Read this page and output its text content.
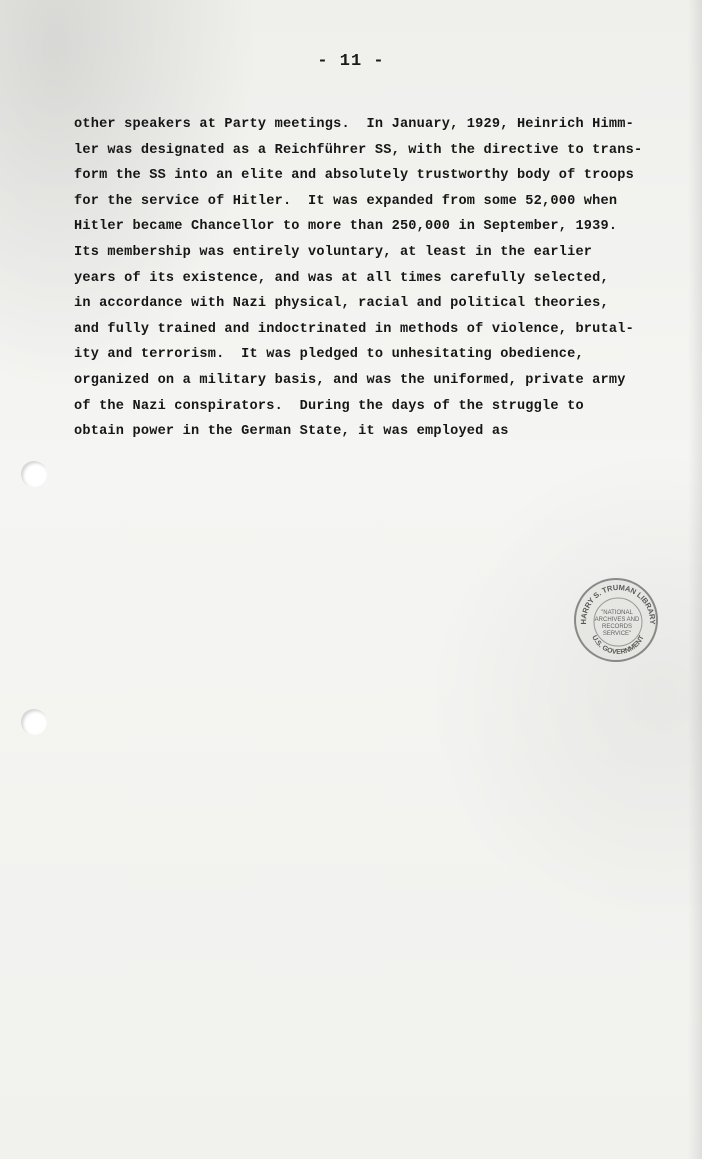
- 11 -
other speakers at Party meetings.  In January, 1929, Heinrich Himm-
ler was designated as a Reichführer SS, with the directive to trans-
form the SS into an elite and absolutely trustworthy body of troops
for the service of Hitler.  It was expanded from some 52,000 when
Hitler became Chancellor to more than 250,000 in September, 1939.
Its membership was entirely voluntary, at least in the earlier
years of its existence, and was at all times carefully selected,
in accordance with Nazi physical, racial and political theories,
and fully trained and indoctrinated in methods of violence, brutal-
ity and terrorism.  It was pledged to unhesitating obedience,
organized on a military basis, and was the uniformed, private army
of the Nazi conspirators.  During the days of the struggle to
obtain power in the German State, it was employed as
HARRY S. TRUMAN LIBRARY
U.S. GOVERNMENT
"NATIONAL
ARCHIVES AND
RECORDS
SERVICE"
